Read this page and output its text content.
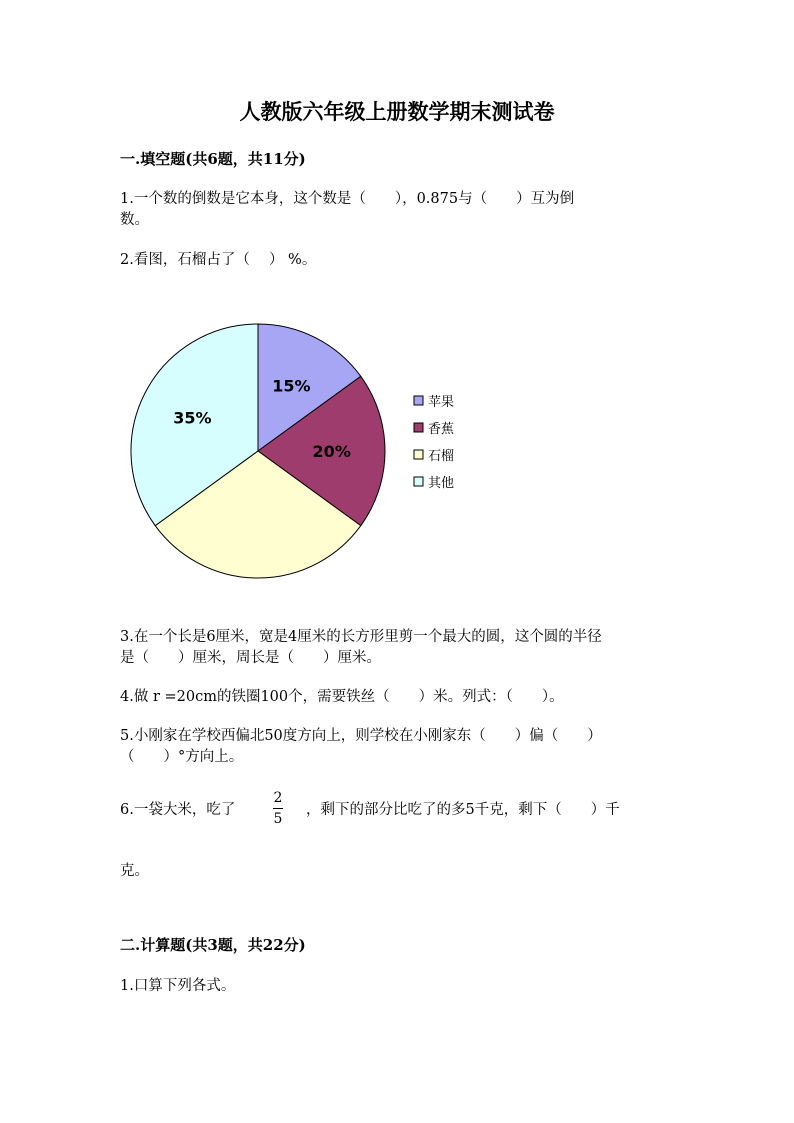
人教版六年级上册数学期末测试卷
一.填空题(共6题，共11分)
1.一个数的倒数是它本身，这个数是（　　），0.875与（　　）互为倒
数。
2.看图，石榴占了（　 ） %。
15%
20%
35%
苹果
香蕉
石榴
其他
3.在一个长是6厘米，宽是4厘米的长方形里剪一个最大的圆，这个圆的半径
是（　　）厘米，周长是（　　）厘米。
4.做 r =20cm的铁圈100个，需要铁丝（　　）米。列式：（　　）。
5.小刚家在学校西偏北50度方向上，则学校在小刚家东（　　）偏（　　）
（　　）°方向上。
6.一袋大米，吃了
2
5
，剩下的部分比吃了的多5千克，剩下（　　）千
克。
二.计算题(共3题，共22分)
1.口算下列各式。
